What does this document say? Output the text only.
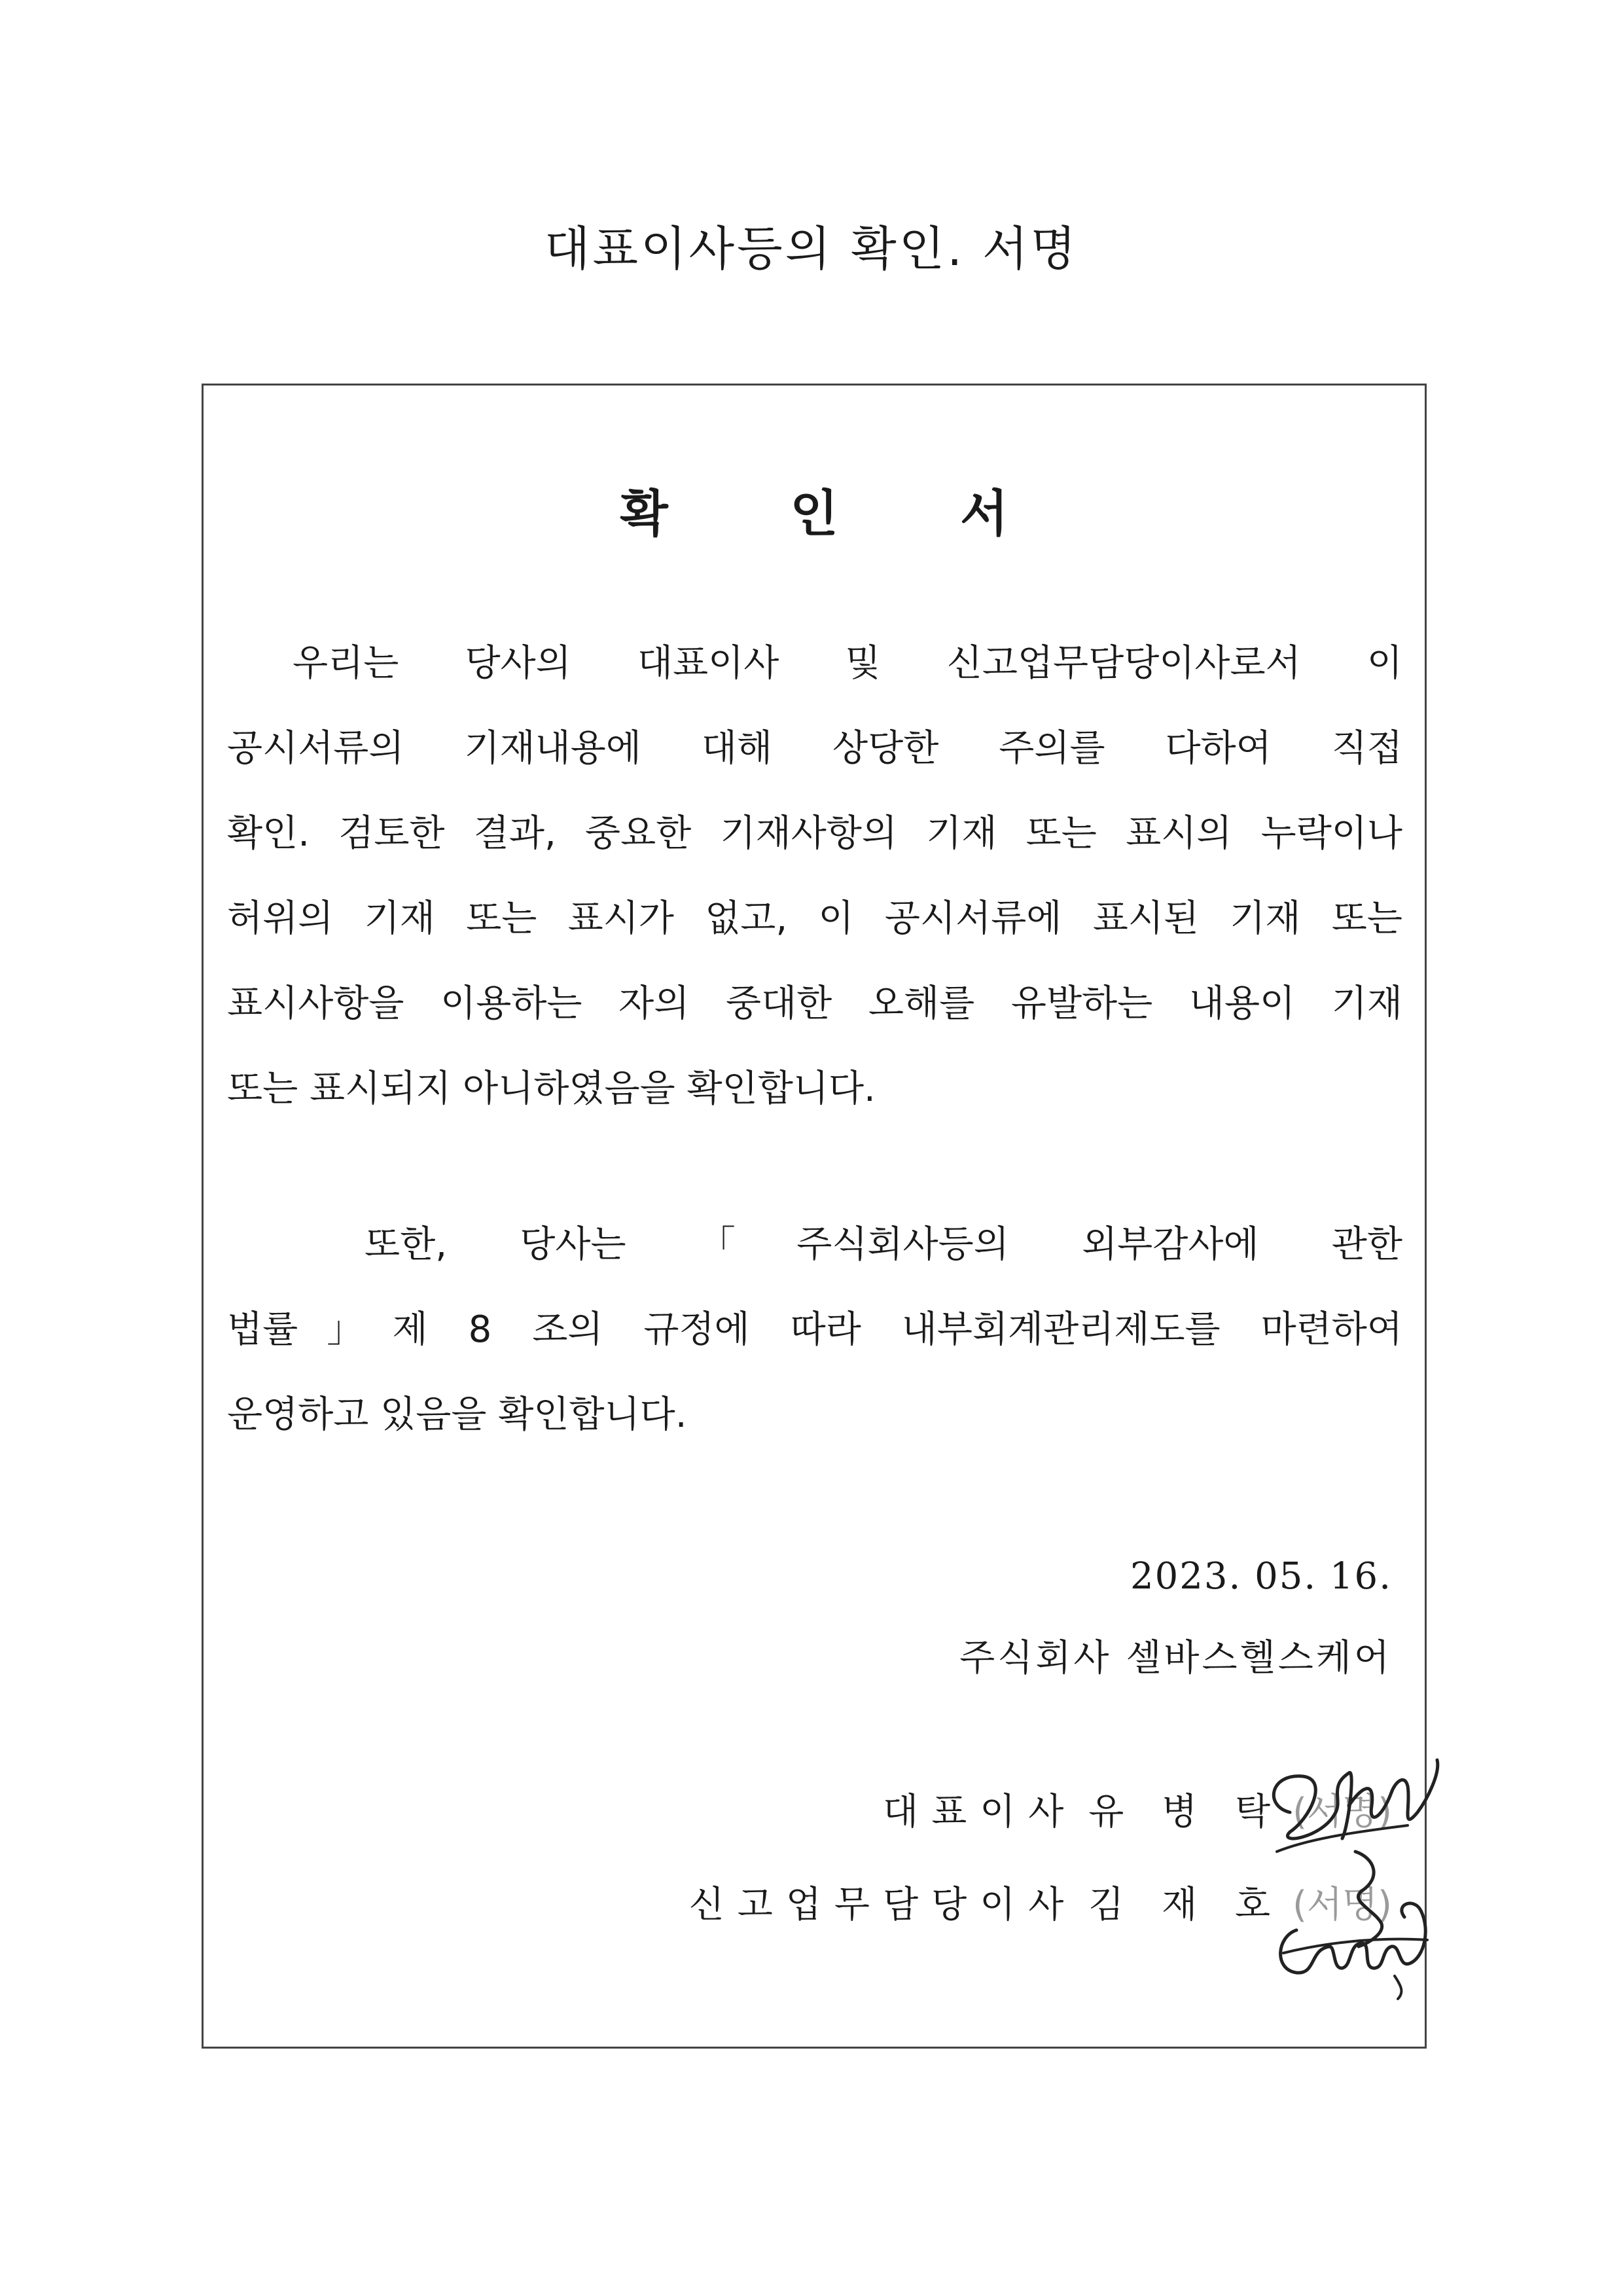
대표이사등의 확인. 서명
확 인 서
우리는 당사의 대표이사 및 신고업무담당이사로서 이
공시서류의 기재내용에 대해 상당한 주의를 다하여 직접
확인. 검토한 결과, 중요한 기재사항의 기재 또는 표시의 누락이나
허위의 기재 또는 표시가 없고, 이 공시서류에 표시된 기재 또는
표시사항을 이용하는 자의 중대한 오해를 유발하는 내용이 기재
또는 표시되지 아니하였음을 확인합니다.
또한, 당사는 「주식회사등의 외부감사에 관한
법률」제 8 조의 규정에 따라 내부회계관리제도를 마련하여
운영하고 있음을 확인합니다.
2023. 05. 16.
주식회사 셀바스헬스케어
대표이사 유 병 탁 (서명)
신고업무담당이사 김 재 호 (서명)
